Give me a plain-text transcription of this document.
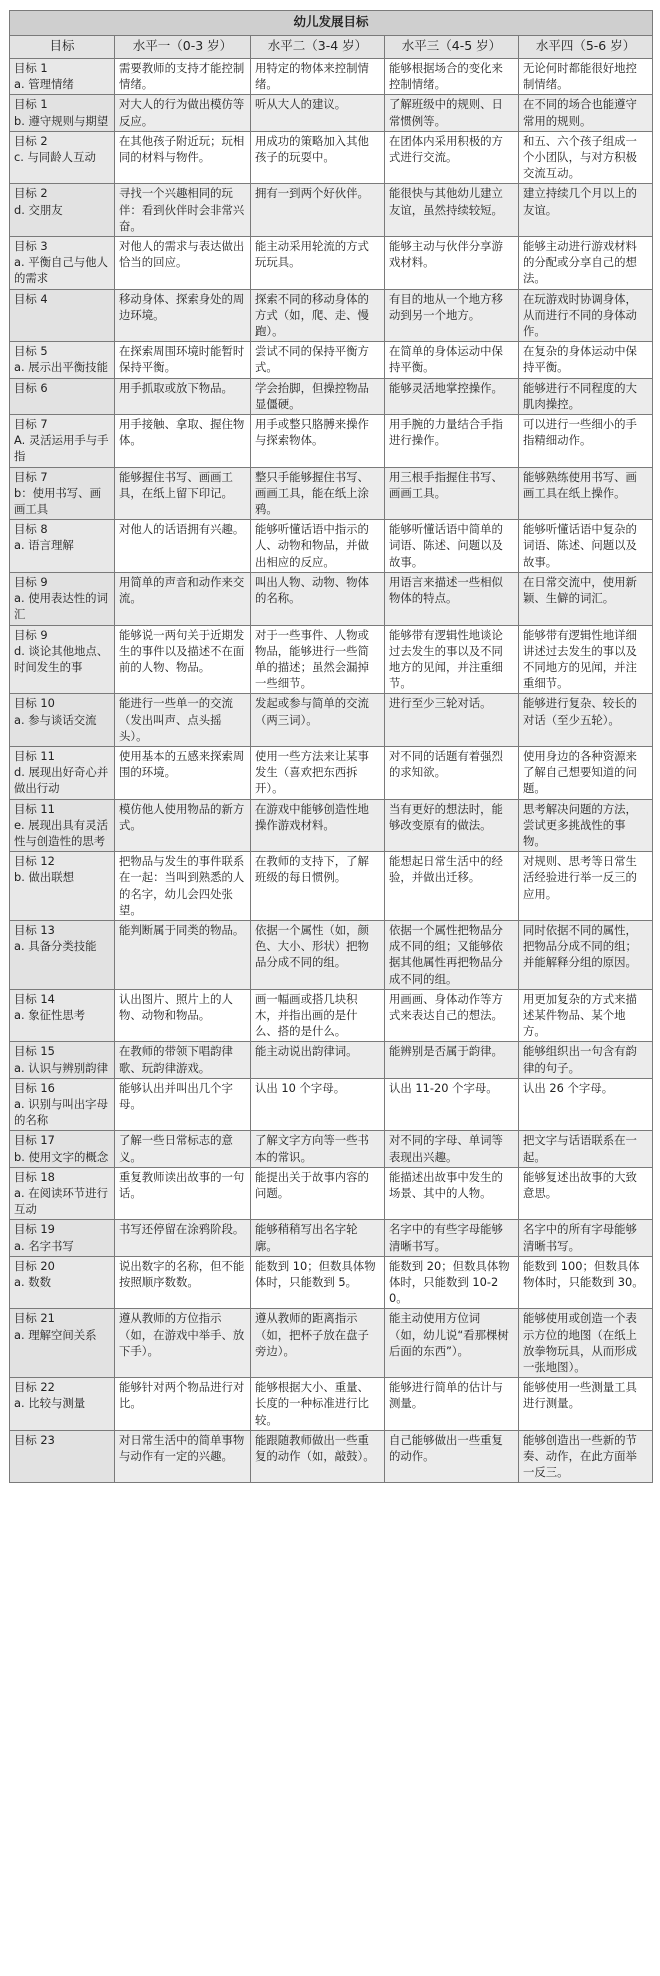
幼儿发展目标				
目标	水平一（0-3 岁）	水平二（3-4 岁）	水平三（4-5 岁）	水平四（5-6 岁）
目标 1
a. 管理情绪	需要教师的支持才能控制情绪。	用特定的物体来控制情绪。	能够根据场合的变化来控制情绪。	无论何时都能很好地控制情绪。
目标 1
b. 遵守规则与期望	对大人的行为做出模仿等反应。	听从大人的建议。	了解班级中的规则、日常惯例等。	在不同的场合也能遵守常用的规则。
目标 2
c. 与同龄人互动	在其他孩子附近玩；玩相同的材料与物件。	用成功的策略加入其他孩子的玩耍中。	在团体内采用积极的方式进行交流。	和五、六个孩子组成一个小团队，与对方积极交流互动。
目标 2
d. 交朋友	寻找一个兴趣相同的玩伴：看到伙伴时会非常兴奋。	拥有一到两个好伙伴。	能很快与其他幼儿建立友谊，虽然持续较短。	建立持续几个月以上的友谊。
目标 3
a. 平衡自己与他人的需求	对他人的需求与表达做出恰当的回应。	能主动采用轮流的方式玩玩具。	能够主动与伙伴分享游戏材料。	能够主动进行游戏材料的分配或分享自己的想法。
目标 4	移动身体、探索身处的周边环境。	探索不同的移动身体的方式（如，爬、走、慢跑）。	有目的地从一个地方移动到另一个地方。	在玩游戏时协调身体，从而进行不同的身体动作。
目标 5
a. 展示出平衡技能	在探索周围环境时能暂时保持平衡。	尝试不同的保持平衡方式。	在简单的身体运动中保持平衡。	在复杂的身体运动中保持平衡。
目标 6	用手抓取或放下物品。	学会抬脚，但操控物品显僵硬。	能够灵活地掌控操作。	能够进行不同程度的大肌肉操控。
目标 7
A. 灵活运用手与手指	用手接触、拿取、握住物体。	用手或整只胳膊来操作与探索物体。	用手腕的力量结合手指进行操作。	可以进行一些细小的手指精细动作。
目标 7
b：使用书写、画画工具	能够握住书写、画画工具，在纸上留下印记。	整只手能够握住书写、画画工具，能在纸上涂鸦。	用三根手指握住书写、画画工具。	能够熟练使用书写、画画工具在纸上操作。
目标 8
a. 语言理解	对他人的话语拥有兴趣。	能够听懂话语中指示的人、动物和物品，并做出相应的反应。	能够听懂话语中简单的词语、陈述、问题以及故事。	能够听懂话语中复杂的词语、陈述、问题以及故事。
目标 9
a. 使用表达性的词汇	用简单的声音和动作来交流。	叫出人物、动物、物体的名称。	用语言来描述一些相似物体的特点。	在日常交流中，使用新颖、生僻的词汇。
目标 9
d. 谈论其他地点、时间发生的事	能够说一两句关于近期发生的事件以及描述不在面前的人物、物品。	对于一些事件、人物或物品，能够进行一些简单的描述；虽然会漏掉一些细节。	能够带有逻辑性地谈论过去发生的事以及不同地方的见闻，并注重细节。	能够带有逻辑性地详细讲述过去发生的事以及不同地方的见闻，并注重细节。
目标 10
a. 参与谈话交流	能进行一些单一的交流（发出叫声、点头摇头）。	发起或参与简单的交流（两三词）。	进行至少三轮对话。	能够进行复杂、较长的对话（至少五轮）。
目标 11
d. 展现出好奇心并做出行动	使用基本的五感来探索周围的环境。	使用一些方法来让某事发生（喜欢把东西拆开）。	对不同的话题有着强烈的求知欲。	使用身边的各种资源来了解自己想要知道的问题。
目标 11
e. 展现出具有灵活性与创造性的思考	模仿他人使用物品的新方式。	在游戏中能够创造性地操作游戏材料。	当有更好的想法时，能够改变原有的做法。	思考解决问题的方法，尝试更多挑战性的事物。
目标 12
b. 做出联想	把物品与发生的事件联系在一起：当叫到熟悉的人的名字，幼儿会四处张望。	在教师的支持下，了解班级的每日惯例。	能想起日常生活中的经验，并做出迁移。	对规则、思考等日常生活经验进行举一反三的应用。
目标 13
a. 具备分类技能	能判断属于同类的物品。	依据一个属性（如，颜色、大小、形状）把物品分成不同的组。	依据一个属性把物品分成不同的组；又能够依据其他属性再把物品分成不同的组。	同时依据不同的属性，把物品分成不同的组；并能解释分组的原因。
目标 14
a. 象征性思考	认出图片、照片上的人物、动物和物品。	画一幅画或搭几块积木，并指出画的是什么、搭的是什么。	用画画、身体动作等方式来表达自己的想法。	用更加复杂的方式来描述某件物品、某个地方。
目标 15
a. 认识与辨别韵律	在教师的带领下唱韵律歌、玩韵律游戏。	能主动说出韵律词。	能辨别是否属于韵律。	能够组织出一句含有韵律的句子。
目标 16
a. 识别与叫出字母的名称	能够认出并叫出几个字母。	认出 10 个字母。	认出 11-20 个字母。	认出 26 个字母。
目标 17
b. 使用文字的概念	了解一些日常标志的意义。	了解文字方向等一些书本的常识。	对不同的字母、单词等表现出兴趣。	把文字与话语联系在一起。
目标 18
a. 在阅读环节进行互动	重复教师读出故事的一句话。	能提出关于故事内容的问题。	能描述出故事中发生的场景、其中的人物。	能够复述出故事的大致意思。
目标 19
a. 名字书写	书写还停留在涂鸦阶段。	能够稍稍写出名字轮廓。	名字中的有些字母能够清晰书写。	名字中的所有字母能够清晰书写。
目标 20
a. 数数	说出数字的名称，但不能按照顺序数数。	能数到 10；但数具体物体时，只能数到 5。	能数到 20；但数具体物体时，只能数到 10-20。	能数到 100；但数具体物体时，只能数到 30。
目标 21
a. 理解空间关系	遵从教师的方位指示（如，在游戏中举手、放下手）。	遵从教师的距离指示（如，把杯子放在盘子旁边）。	能主动使用方位词（如，幼儿说“看那棵树后面的东西”）。	能够使用或创造一个表示方位的地图（在纸上放拳物玩具，从而形成一张地图）。
目标 22
a. 比较与测量	能够针对两个物品进行对比。	能够根据大小、重量、长度的一种标准进行比较。	能够进行简单的估计与测量。	能够使用一些测量工具进行测量。
目标 23	对日常生活中的简单事物与动作有一定的兴趣。	能跟随教师做出一些重复的动作（如，敲鼓）。	自己能够做出一些重复的动作。	能够创造出一些新的节奏、动作，在此方面举一反三。
